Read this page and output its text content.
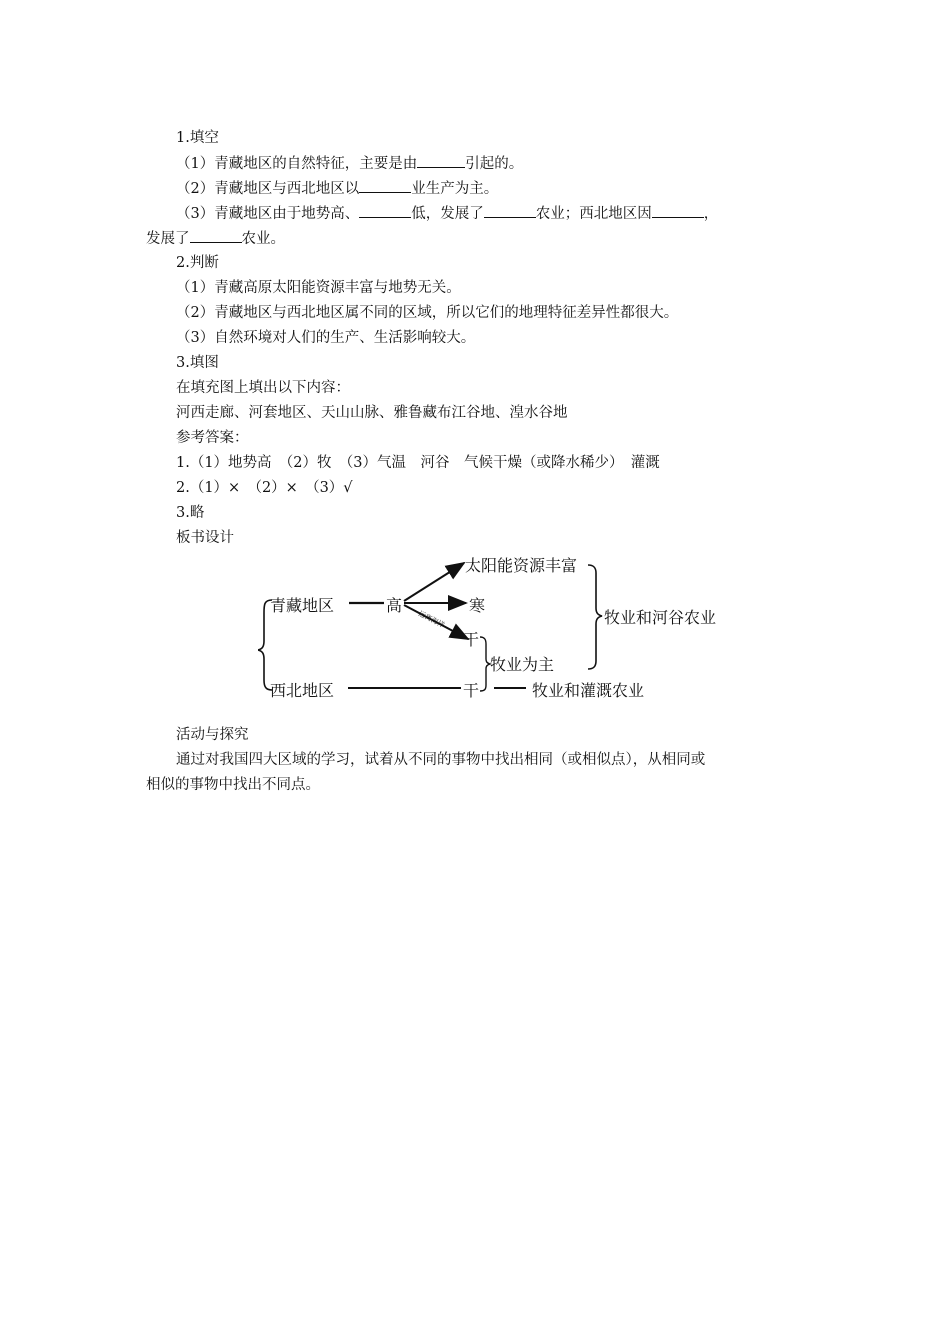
1.填空
（1）青藏地区的自然特征，主要是由	引起的。
（2）青藏地区与西北地区以	业生产为主。
（3）青藏地区由于地势高、	低，发展了	农业；西北地区因	，
发展了	农业。
2.判断
（1）青藏高原太阳能资源丰富与地势无关。
（2）青藏地区与西北地区属不同的区域，所以它们的地理特征差异性都很大。
（3）自然环境对人们的生产、生活影响较大。
3.填图
在填充图上填出以下内容：
河西走廊、河套地区、天山山脉、雅鲁藏布江谷地、湟水谷地
参考答案：
1.（1）地势高　（2）牧　（3）气温　河谷　气候干燥（或降水稀少）　灌溉
2.（1）×　（2）×　（3）√
3.略
板书设计
青藏地区
西北地区
高
远离海洋
太阳能资源丰富
寒
干
牧业和河谷农业
牧业为主
干	牧业和灌溉农业
活动与探究
通过对我国四大区域的学习，试着从不同的事物中找出相同（或相似点），从相同或
相似的事物中找出不同点。
